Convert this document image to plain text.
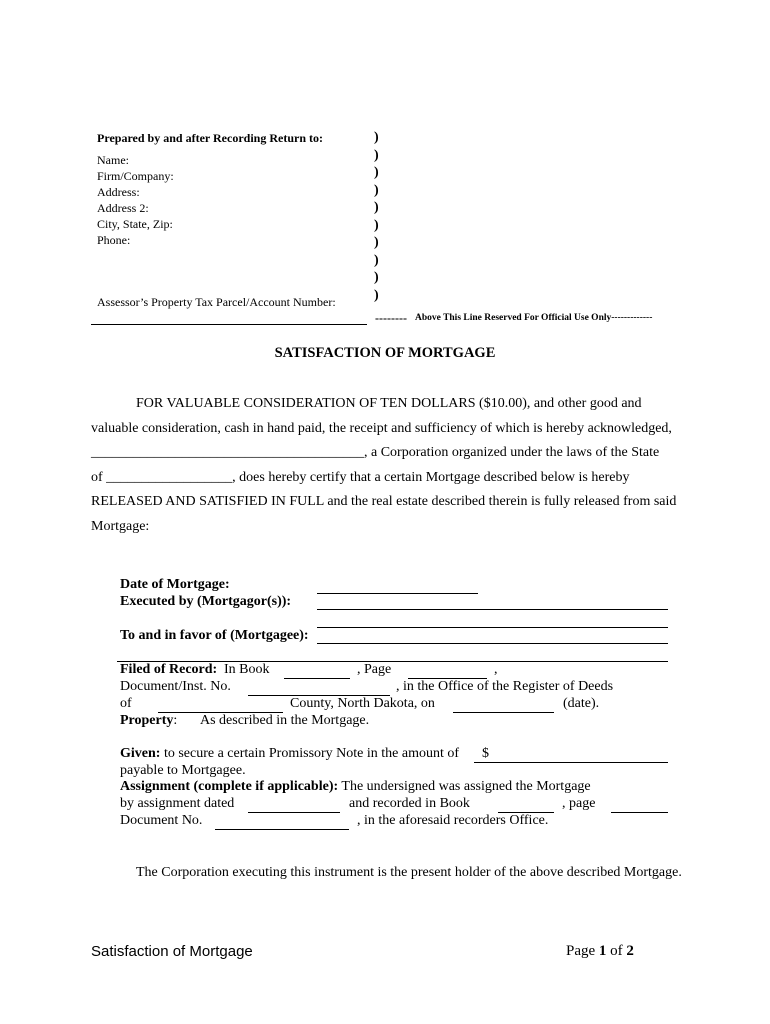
Prepared by and after Recording Return to:
Name:
Firm/Company:
Address:
Address 2:
City, State, Zip:
Phone:
Assessor’s Property Tax Parcel/Account Number:
)
)
)
)
)
)
)
)
)
)
-------- Above This Line Reserved For Official Use Only-------------
SATISFACTION OF MORTGAGE
FOR VALUABLE CONSIDERATION OF TEN DOLLARS ($10.00), and other good and
valuable consideration, cash in hand paid, the receipt and sufficiency of which is hereby acknowledged,
_______________________________________, a Corporation organized under the laws of the State
of __________________, does hereby certify that a certain Mortgage described below is hereby
RELEASED AND SATISFIED IN FULL and the real estate described therein is fully released from said
Mortgage:
Date of Mortgage:
Executed by (Mortgagor(s)):
To and in favor of (Mortgagee):
Filed of Record: In Book	, Page	,
Document/Inst. No.	, in the Office of the Register of Deeds
of	County, North Dakota, on	(date).
Property: As described in the Mortgage.
Given: to secure a certain Promissory Note in the amount of $
payable to Mortgagee.
Assignment (complete if applicable): The undersigned was assigned the Mortgage
by assignment dated	and recorded in Book	, page
Document No.	, in the aforesaid recorders Office.
The Corporation executing this instrument is the present holder of the above described Mortgage.
Satisfaction of Mortgage	Page 1 of 2
